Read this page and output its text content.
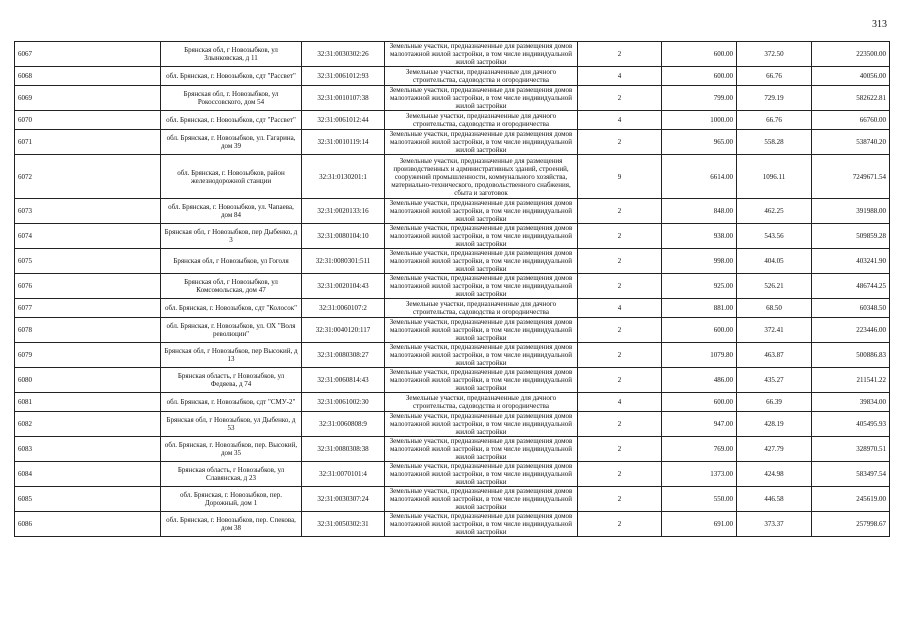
313
6067	Брянская обл, г Новозыбков, ул Злынковская, д 11	32:31:0030302:26	Земельные участки, предназначенные для размещения домов малоэтажной жилой застройки, в том числе индивидуальной жилой застройки	2	600.00	372.50	223500.00
6068	обл. Брянская, г. Новозыбков, сдт "Рассвет"	32:31:0061012:93	Земельные участки, предназначенные для дачного строительства, садоводства и огородничества	4	600.00	66.76	40056.00
6069	Брянская обл, г. Новозыбков, ул Рокоссовского, дом 54	32:31:0010107:38	Земельные участки, предназначенные для размещения домов малоэтажной жилой застройки, в том числе индивидуальной жилой застройки	2	799.00	729.19	582622.81
6070	обл. Брянская, г. Новозыбков, сдт "Рассвет"	32:31:0061012:44	Земельные участки, предназначенные для дачного строительства, садоводства и огородничества	4	1000.00	66.76	66760.00
6071	обл. Брянская, г. Новозыбков, ул. Гагарина, дом 39	32:31:0010119:14	Земельные участки, предназначенные для размещения домов малоэтажной жилой застройки, в том числе индивидуальной жилой застройки	2	965.00	558.28	538740.20
6072	обл. Брянская, г. Новозыбков, район железнодорожной станции	32:31:0130201:1	Земельные участки, предназначенные для размещения производственных и административных зданий, строений, сооружений промышленности, коммунального хозяйства, материально-технического, продовольственного снабжения, сбыта и заготовок	9	6614.00	1096.11	7249671.54
6073	обл. Брянская, г. Новозыбков, ул. Чапаева, дом 84	32:31:0020133:16	Земельные участки, предназначенные для размещения домов малоэтажной жилой застройки, в том числе индивидуальной жилой застройки	2	848.00	462.25	391988.00
6074	Брянская обл, г Новозыбков, пер Дыбенко, д 3	32:31:0080104:10	Земельные участки, предназначенные для размещения домов малоэтажной жилой застройки, в том числе индивидуальной жилой застройки	2	938.00	543.56	509859.28
6075	Брянская обл, г Новозыбков, ул Гоголя	32:31:0080301:511	Земельные участки, предназначенные для размещения домов малоэтажной жилой застройки, в том числе индивидуальной жилой застройки	2	998.00	404.05	403241.90
6076	Брянская обл, г Новозыбков, ул Комсомольская, дом 47	32:31:0020104:43	Земельные участки, предназначенные для размещения домов малоэтажной жилой застройки, в том числе индивидуальной жилой застройки	2	925.00	526.21	486744.25
6077	обл. Брянская, г. Новозыбков, сдт "Колосок"	32:31:0060107:2	Земельные участки, предназначенные для дачного строительства, садоводства и огородничества	4	881.00	68.50	60348.50
6078	обл. Брянская, г. Новозыбков, ул. ОХ "Воля революции"	32:31:0040120:117	Земельные участки, предназначенные для размещения домов малоэтажной жилой застройки, в том числе индивидуальной жилой застройки	2	600.00	372.41	223446.00
6079	Брянская обл, г Новозыбков, пер Высокий, д 13	32:31:0080308:27	Земельные участки, предназначенные для размещения домов малоэтажной жилой застройки, в том числе индивидуальной жилой застройки	2	1079.80	463.87	500886.83
6080	Брянская область, г Новозыбков, ул Федяева, д 74	32:31:0060814:43	Земельные участки, предназначенные для размещения домов малоэтажной жилой застройки, в том числе индивидуальной жилой застройки	2	486.00	435.27	211541.22
6081	обл. Брянская, г. Новозыбков, сдт "СМУ-2"	32:31:0061002:30	Земельные участки, предназначенные для дачного строительства, садоводства и огородничества	4	600.00	66.39	39834.00
6082	Брянская обл, г Новозыбков, ул Дыбенко, д 53	32:31:0060808:9	Земельные участки, предназначенные для размещения домов малоэтажной жилой застройки, в том числе индивидуальной жилой застройки	2	947.00	428.19	405495.93
6083	обл. Брянская, г. Новозыбков, пер. Высокий, дом 35	32:31:0080308:38	Земельные участки, предназначенные для размещения домов малоэтажной жилой застройки, в том числе индивидуальной жилой застройки	2	769.00	427.79	328970.51
6084	Брянская область, г Новозыбков, ул Славянская, д 23	32:31:0070101:4	Земельные участки, предназначенные для размещения домов малоэтажной жилой застройки, в том числе индивидуальной жилой застройки	2	1373.00	424.98	583497.54
6085	обл. Брянская, г. Новозыбков, пер. Дорожный, дом 1	32:31:0030307:24	Земельные участки, предназначенные для размещения домов малоэтажной жилой застройки, в том числе индивидуальной жилой застройки	2	550.00	446.58	245619.00
6086	обл. Брянская, г. Новозыбков, пер. Спекова, дом 38	32:31:0050302:31	Земельные участки, предназначенные для размещения домов малоэтажной жилой застройки, в том числе индивидуальной жилой застройки	2	691.00	373.37	257998.67
